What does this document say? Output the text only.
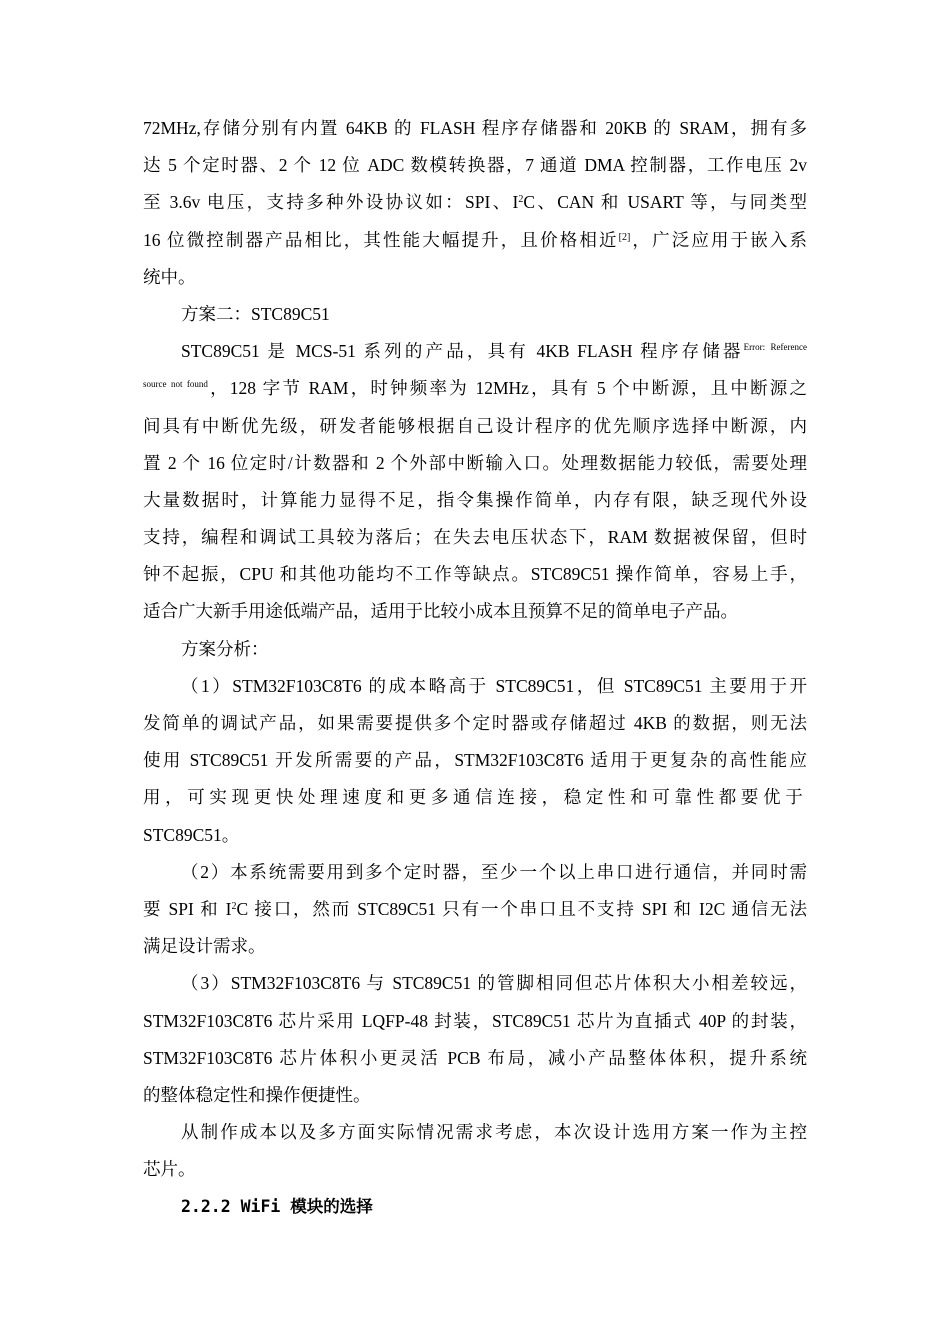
72MHz,存储分别有内置 64KB 的 FLASH 程序存储器和 20KB 的 SRAM，拥有多
达 5 个定时器、2 个 12 位 ADC 数模转换器，7 通道 DMA 控制器，工作电压 2v
至 3.6v 电压，支持多种外设协议如：SPI、$I^2C$、CAN 和 USART 等，与同类型
16 位微控制器产品相比，其性能大幅提升，且价格相近[2]，广泛应用于嵌入系
统中。
方案二：STC89C51
STC89C51 是 MCS-51 系列的产品，具有 4KB FLASH 程序存储器$^{Error: Reference}$
$^{source not found}$，128 字节 RAM，时钟频率为 12MHz，具有 5 个中断源，且中断源之
间具有中断优先级，研发者能够根据自己设计程序的优先顺序选择中断源，内
置 2 个 16 位定时/计数器和 2 个外部中断输入口。处理数据能力较低，需要处理
大量数据时，计算能力显得不足，指令集操作简单，内存有限，缺乏现代外设
支持，编程和调试工具较为落后；在失去电压状态下，RAM 数据被保留，但时
钟不起振，CPU 和其他功能均不工作等缺点。STC89C51 操作简单，容易上手，
适合广大新手用途低端产品，适用于比较小成本且预算不足的简单电子产品。
方案分析：
（1）STM32F103C8T6 的成本略高于 STC89C51，但 STC89C51 主要用于开
发简单的调试产品，如果需要提供多个定时器或存储超过 4KB 的数据，则无法
使用 STC89C51 开发所需要的产品，STM32F103C8T6 适用于更复杂的高性能应
用，可实现更快处理速度和更多通信连接，稳定性和可靠性都要优于
STC89C51。
（2）本系统需要用到多个定时器，至少一个以上串口进行通信，并同时需
要 SPI 和 $I^2C$ 接口，然而 STC89C51 只有一个串口且不支持 SPI 和 I2C 通信无法
满足设计需求。
（3）STM32F103C8T6 与 STC89C51 的管脚相同但芯片体积大小相差较远，
STM32F103C8T6 芯片采用 LQFP-48 封装，STC89C51 芯片为直插式 40P 的封装，
STM32F103C8T6 芯片体积小更灵活 PCB 布局，减小产品整体体积，提升系统
的整体稳定性和操作便捷性。
从制作成本以及多方面实际情况需求考虑，本次设计选用方案一作为主控
芯片。
2.2.2 WiFi 模块的选择
